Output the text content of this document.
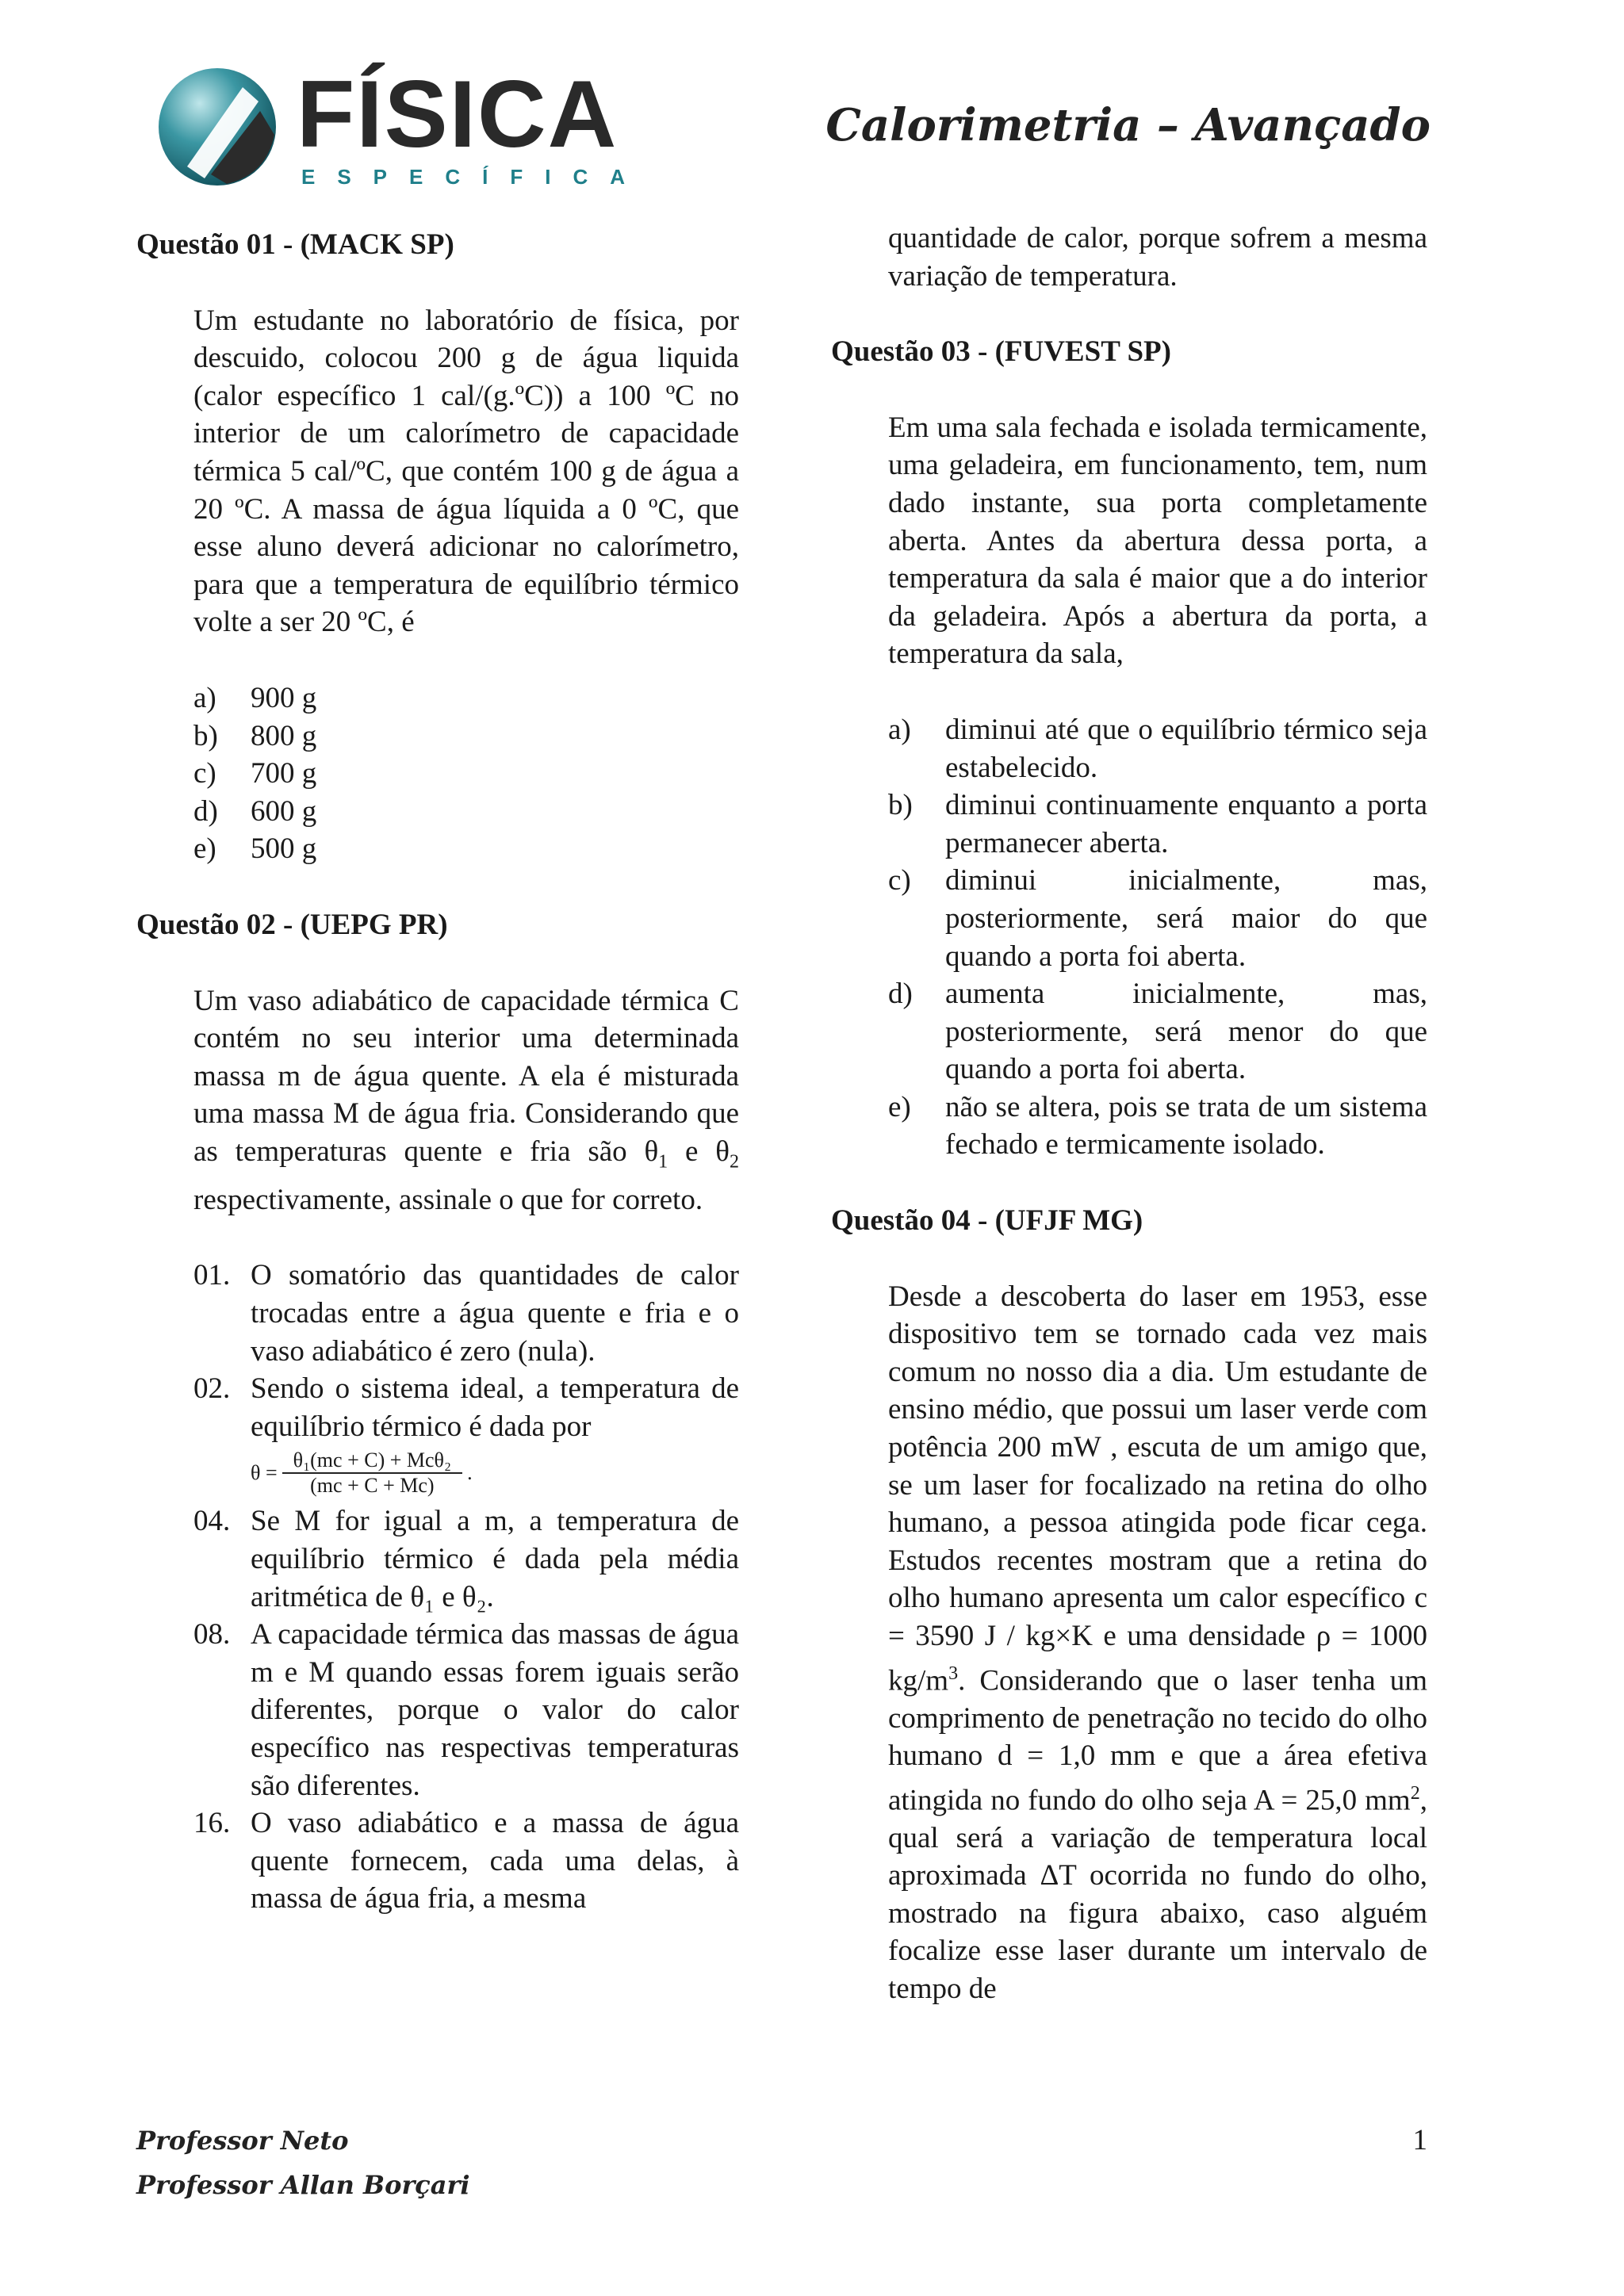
FÍSICA
ESPECÍFICA
Calorimetria – Avançado
Questão 01 - (MACK SP)
Um estudante no laboratório de física, por descuido, colocou 200 g de água liquida (calor específico 1 cal/(g.ºC)) a 100 ºC no interior de um calorímetro de capacidade térmica 5 cal/ºC, que contém 100 g de água a 20 ºC. A massa de água líquida a 0 ºC, que esse aluno deverá adicionar no calorímetro, para que a temperatura de equilíbrio térmico volte a ser 20 ºC, é
a)	900 g
b)	800 g
c)	700 g
d)	600 g
e)	500 g
Questão 02 - (UEPG PR)
Um vaso adiabático de capacidade térmica C contém no seu interior uma determinada massa m de água quente. A ela é misturada uma massa M de água fria. Considerando que as temperaturas quente e fria são $\theta_1$ e $\theta_2$ respectivamente, assinale o que for correto.
01. O somatório das quantidades de calor trocadas entre a água quente e fria e o vaso adiabático é zero (nula).
02. Sendo o sistema ideal, a temperatura de equilíbrio térmico é dada por
$\theta = \frac{\text{θ₁(mc + C) + Mcθ₂}}{(mc + C + Mc)}$ .
04. Se M for igual a m, a temperatura de equilíbrio térmico é dada pela média aritmética de θ₁ e θ₂.
08. A capacidade térmica das massas de água m e M quando essas forem iguais serão diferentes, porque o valor do calor específico nas respectivas temperaturas são diferentes.
16. O vaso adiabático e a massa de água quente fornecem, cada uma delas, à massa de água fria, a mesma
quantidade de calor, porque sofrem a mesma variação de temperatura.
Questão 03 - (FUVEST SP)
Em uma sala fechada e isolada termicamente, uma geladeira, em funcionamento, tem, num dado instante, sua porta completamente aberta. Antes da abertura dessa porta, a temperatura da sala é maior que a do interior da geladeira. Após a abertura da porta, a temperatura da sala,
a)	diminui até que o equilíbrio térmico seja estabelecido.
b)	diminui continuamente enquanto a porta permanecer aberta.
c)	diminui inicialmente, mas, posteriormente, será maior do que quando a porta foi aberta.
d)	aumenta inicialmente, mas, posteriormente, será menor do que quando a porta foi aberta.
e)	não se altera, pois se trata de um sistema fechado e termicamente isolado.
Questão 04 - (UFJF MG)
Desde a descoberta do laser em 1953, esse dispositivo tem se tornado cada vez mais comum no nosso dia a dia. Um estudante de ensino médio, que possui um laser verde com potência 200 mW , escuta de um amigo que, se um laser for focalizado na retina do olho humano, a pessoa atingida pode ficar cega. Estudos recentes mostram que a retina do olho humano apresenta um calor específico c = 3590 J / kg×K e uma densidade ρ = 1000 $kg/m^3$. Considerando que o laser tenha um comprimento de penetração no tecido do olho humano d = 1,0 mm e que a área efetiva atingida no fundo do olho seja A = 25,0 $mm^2$, qual será a variação de temperatura local aproximada ΔT ocorrida no fundo do olho, mostrado na figura abaixo, caso alguém focalize esse laser durante um intervalo de tempo de
Professor Neto
Professor Allan Borçari
1
